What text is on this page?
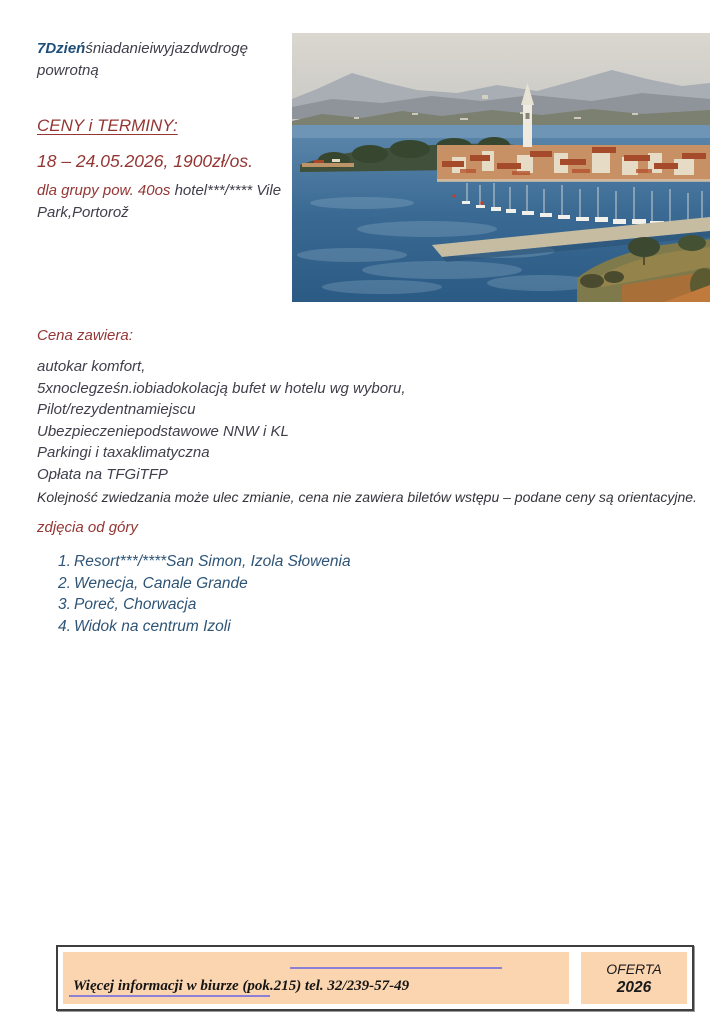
7Dzieńśniadanieiwyjazdwdrogę powrotną
CENY i TERMINY:
18 – 24.05.2026, 1900zł/os.
dla grupy pow. 40os hotel***/**** Vile Park,Portorož
Cena zawiera:
autokar komfort,
5xnoclegześn.iobiadokolacją bufet w hotelu wg wyboru,
Pilot/rezydentnamiejscu
Ubezpieczeniepodstawowe NNW i KL
Parkingi i taxaklimatyczna
Opłata na TFGiTFP
Kolejność zwiedzania może ulec zmianie, cena nie zawiera biletów wstępu – podane ceny są orientacyjne.
zdjęcia od góry
1. Resort***/****San Simon, Izola Słowenia
2. Wenecja, Canale Grande
3. Poreč, Chorwacja
4. Widok na centrum Izoli
Więcej informacji w biurze (pok.215) tel. 32/239-57-49
OFERTA
2026
